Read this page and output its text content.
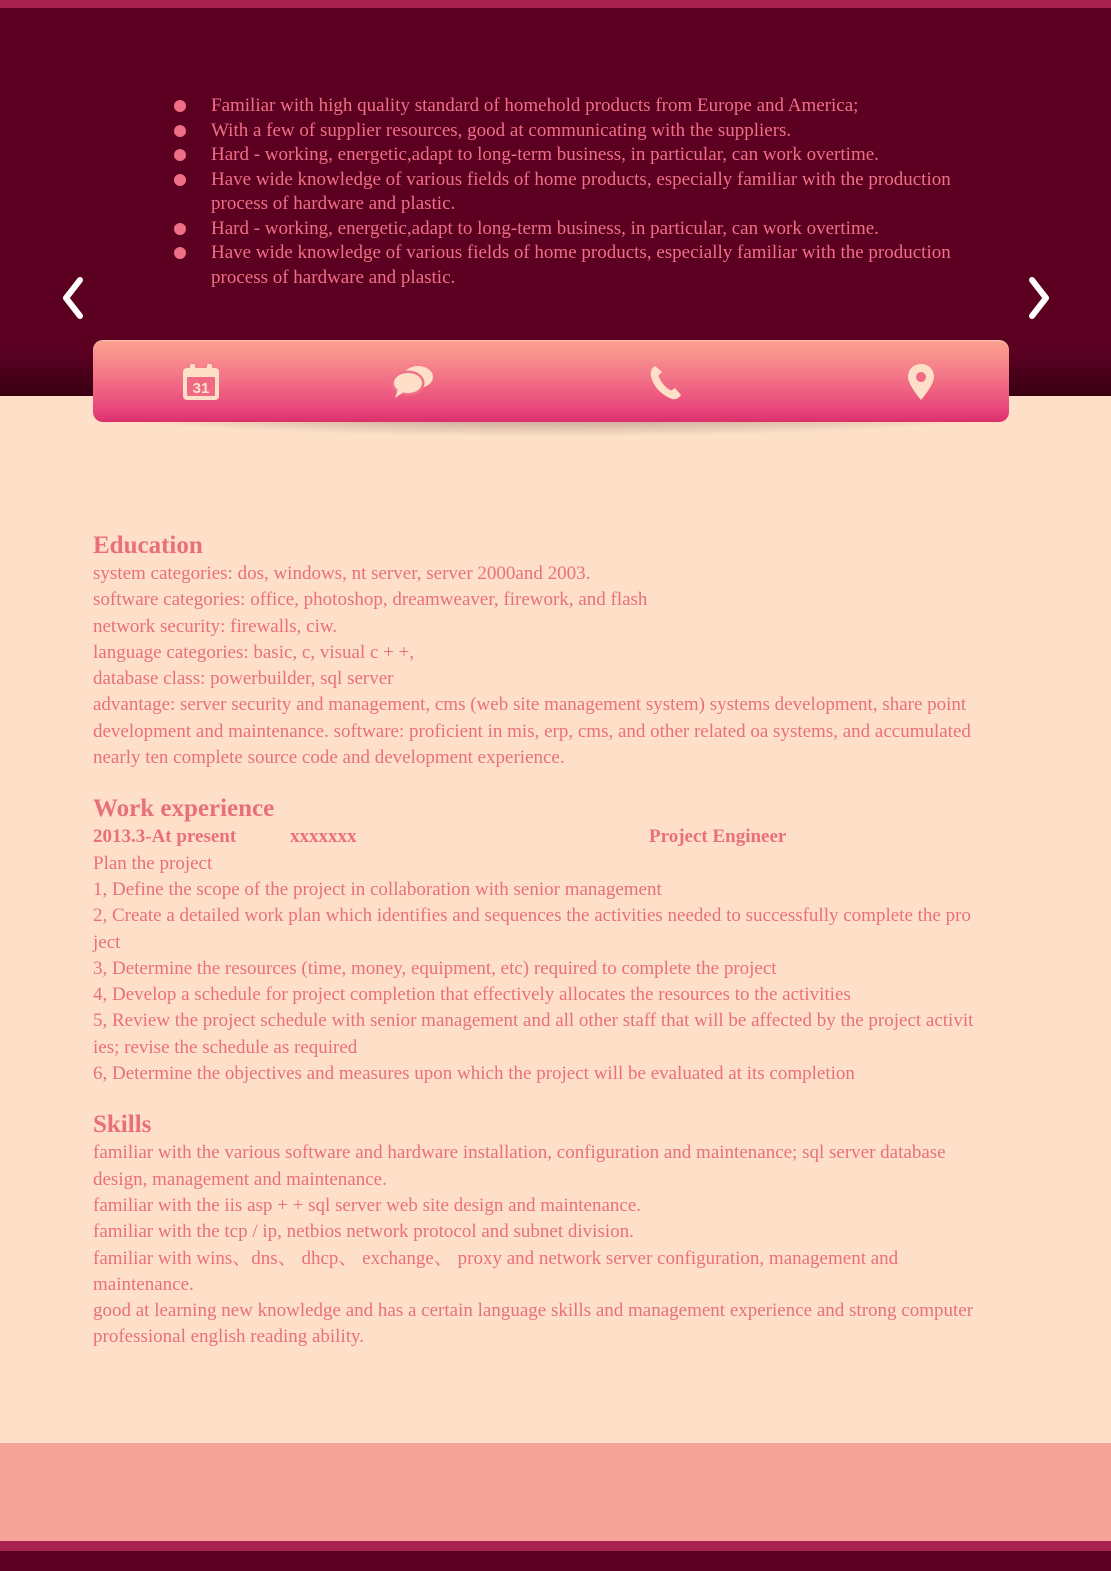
Familiar with high quality standard of homehold products from Europe and America;
With a few of supplier resources, good at communicating with the suppliers.
Hard - working, energetic,adapt to long-term business, in particular, can work overtime.
Have wide knowledge of various fields of home products, especially familiar with the production process of hardware and plastic.
Hard - working, energetic,adapt to long-term business, in particular, can work overtime.
Have wide knowledge of various fields of home products, especially familiar with the production process of hardware and plastic.
31
Education

system categories: dos, windows, nt server, server 2000and 2003.

software categories: office, photoshop, dreamweaver, firework, and flash

network security: firewalls, ciw.

language categories: basic, c, visual c + +,

database class: powerbuilder, sql server

advantage: server security and management, cms (web site management system) systems development, share point

development and maintenance. software: proficient in mis, erp, cms, and other related oa systems, and accumulated

nearly ten complete source code and development experience.

Work experience
2013.3-At present	xxxxxxx	Project Engineer

Plan the project

1, Define the scope of the project in collaboration with senior management

2, Create a detailed work plan which identifies and sequences the activities needed to successfully complete the pro

ject

3, Determine the resources (time, money, equipment, etc) required to complete the project

4, Develop a schedule for project completion that effectively allocates the resources to the activities

5, Review the project schedule with senior management and all other staff that will be affected by the project activit

ies; revise the schedule as required

6, Determine the objectives and measures upon which the project will be evaluated at its completion

Skills

familiar with the various software and hardware installation, configuration and maintenance; sql server database

design, management and maintenance.

familiar with the iis asp + + sql server web site design and maintenance.

familiar with the tcp / ip, netbios network protocol and subnet division.

familiar with wins、dns、 dhcp、 exchange、 proxy and network server configuration, management and

maintenance.

good at learning new knowledge and has a certain language skills and management experience and strong computer

professional english reading ability.
